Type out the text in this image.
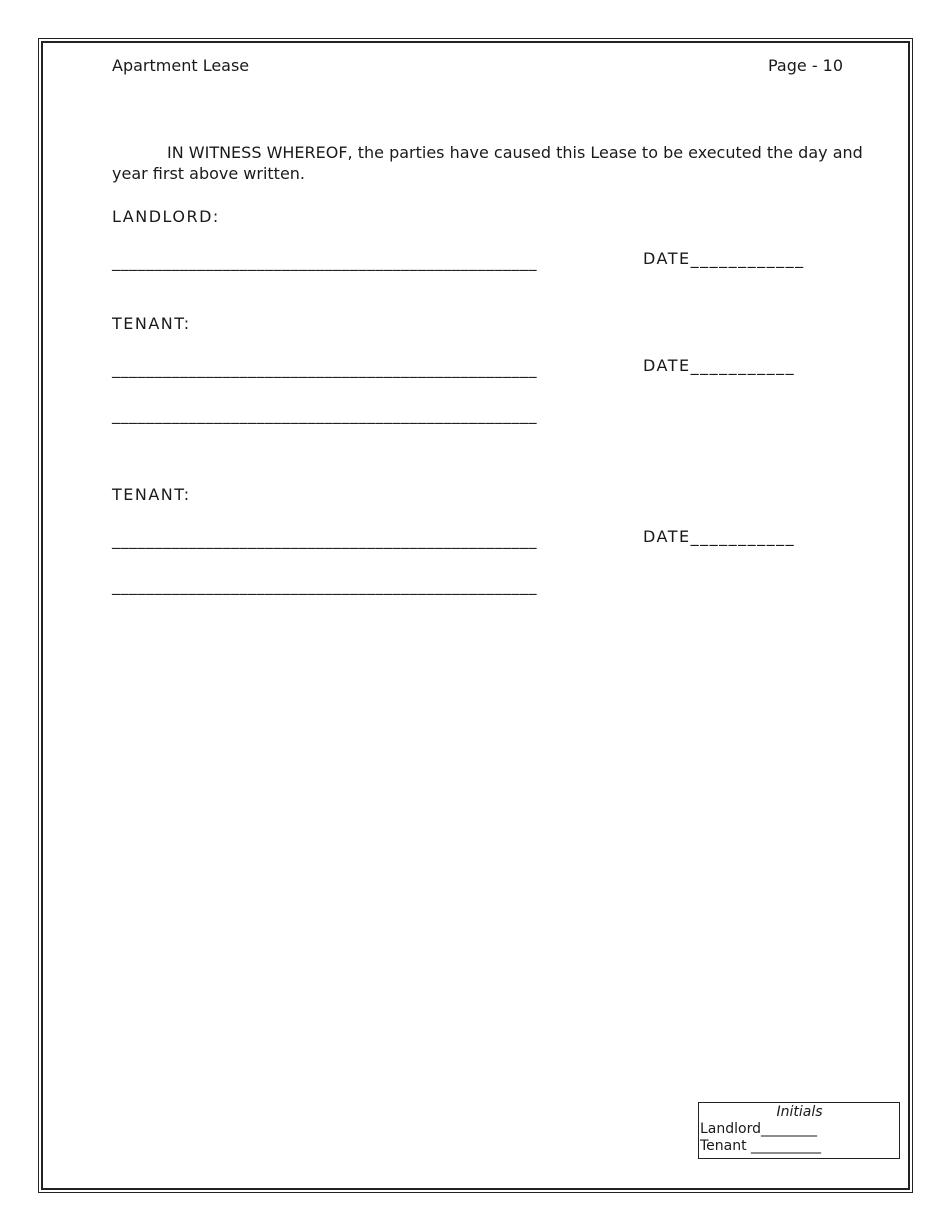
Apartment Lease	Page - 10
IN WITNESS WHEREOF, the parties have caused this Lease to be executed the day and
year first above written.
LANDLORD:
__________________________________________________	DATE____________
TENANT:
__________________________________________________	DATE___________
__________________________________________________
TENANT:
__________________________________________________	DATE___________
__________________________________________________
Initials
Landlord________
Tenant __________
